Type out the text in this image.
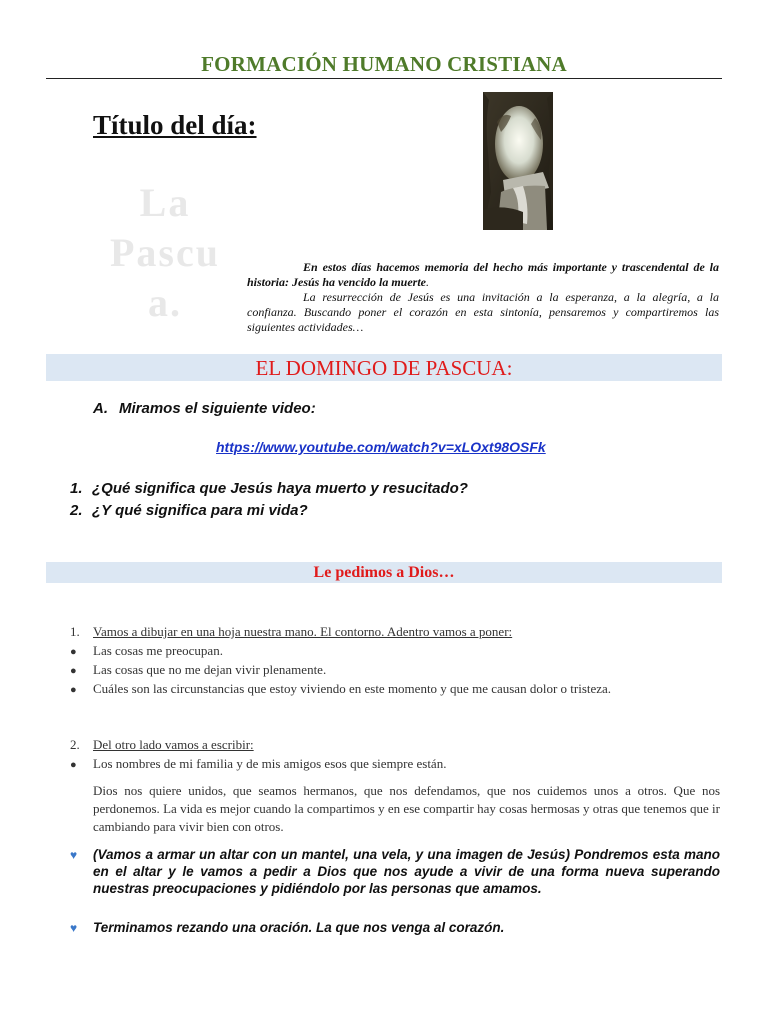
FORMACIÓN HUMANO CRISTIANA
Título del día:
La
Pascu
a.

En estos días hacemos memoria del hecho más importante y trascendental de la historia: Jesús ha vencido la muerte.

La resurrección de Jesús es una invitación a la esperanza, a la alegría, a la confianza. Buscando poner el corazón en esta sintonía, pensaremos y compartiremos las siguientes actividades…

EL DOMINGO DE PASCUA:
A. Miramos el siguiente video:
https://www.youtube.com/watch?v=xLOxt98OSFk
1. ¿Qué significa que Jesús haya muerto y resucitado?
2. ¿Y qué significa para mi vida?
Le pedimos a Dios…
1. Vamos a dibujar en una hoja nuestra mano. El contorno. Adentro vamos a poner:
● Las cosas me preocupan.
● Las cosas que no me dejan vivir plenamente.
● Cuáles son las circunstancias que estoy viviendo en este momento y que me causan dolor o tristeza.
2. Del otro lado vamos a escribir:
● Los nombres de mi familia y de mis amigos esos que siempre están.
Dios nos quiere unidos, que seamos hermanos, que nos defendamos, que nos cuidemos unos a otros. Que nos perdonemos. La vida es mejor cuando la compartimos y en ese compartir hay cosas hermosas y otras que tenemos que ir cambiando para vivir bien con otros.
♥ (Vamos a armar un altar con un mantel, una vela, y una imagen de Jesús) Pondremos esta mano en el altar y le vamos a pedir a Dios que nos ayude a vivir de una forma nueva superando nuestras preocupaciones y pidiéndolo por las personas que amamos.
♥ Terminamos rezando una oración. La que nos venga al corazón.
